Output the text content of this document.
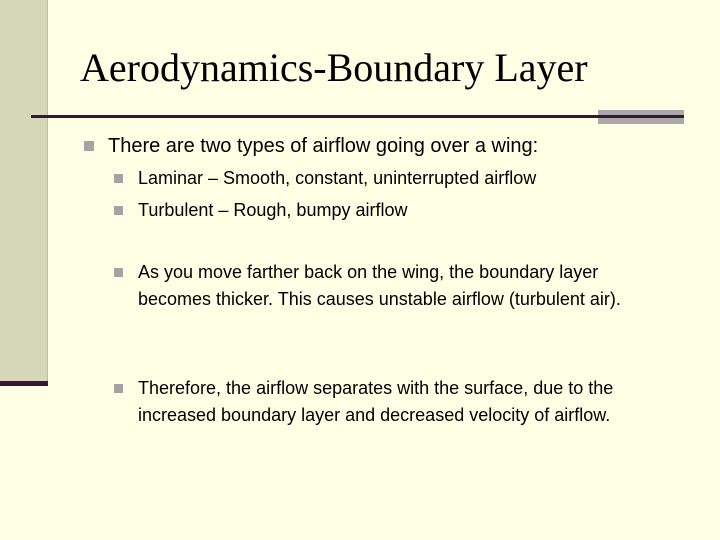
Aerodynamics-Boundary Layer
There are two types of airflow going over a wing:
Laminar – Smooth, constant, uninterrupted airflow
Turbulent – Rough, bumpy airflow
As you move farther back on the wing, the boundary layer becomes thicker. This causes unstable airflow (turbulent air).
Therefore, the airflow separates with the surface, due to the increased boundary layer and decreased velocity of airflow.
